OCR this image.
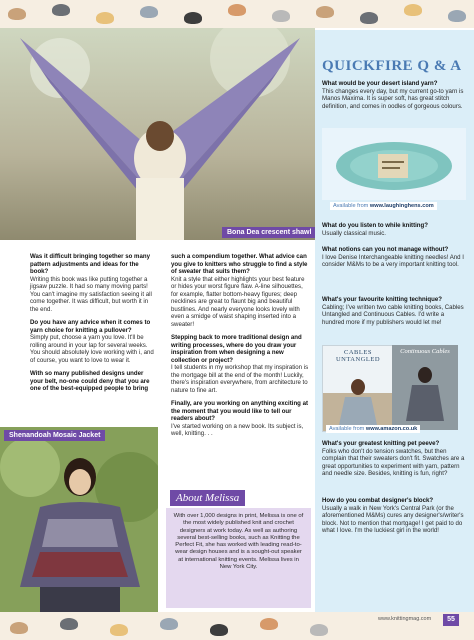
Bona Dea crescent shawl

Was it difficult bringing together so many pattern adjustments and ideas for the book?
Writing this book was like putting together a jigsaw puzzle. It had so many moving parts! You can't imagine my satisfaction seeing it all come together. It was difficult, but worth it in the end.

Do you have any advice when it comes to yarn choice for knitting a pullover?
Simply put, choose a yarn you love. It'll be rolling around in your lap for several weeks. You should absolutely love working with i, and of course, you want to love to wear it.

With so many published designs under your belt, no-one could deny that you are one of the best-equipped people to bring

such a compendium together. What advice can you give to knitters who struggle to find a style of sweater that suits them?
Knit a style that either highlights your best feature or hides your worst figure flaw. A-line silhouettes, for example, flatter bottom-heavy figures; deep necklines are great to flaunt big and beautiful bustlines. And nearly everyone looks lovely with even a smidge of waist shaping inserted into a sweater!

Stepping back to more traditional design and writing processes, where do you draw your inspiration from when designing a new collection or project?
I tell students in my workshop that my inspiration is the mortgage bill at the end of the month! Luckily, there's inspiration everywhere, from architecture to nature to fine art.

Finally, are you working on anything exciting at the moment that you would like to tell our readers about?
I've started working on a new book. Its subject is, well, knitting. . .

Shenandoah Mosaic Jacket
About Melissa
With over 1,000 designs in print, Melissa is one of the most widely published knit and crochet designers at work today. As well as authoring several best-selling books, such as Knitting the Perfect Fit, she has worked with leading read-to-wear design houses and is a sought-out speaker at international knitting events. Melissa lives in New York City.
QUICKFIRE Q & A
What would be your desert island yarn?
This changes every day, but my current go-to yarn is Manos Maxima. It is super soft, has great stitch definition, and comes in oodles of gorgeous colours.
Available from www.laughinghens.com
What do you listen to while knitting?
Usually classical music.
What notions can you not manage without?
I love Denise Interchangeable knitting needles! And I consider M&Ms to be a very important knitting tool.
What's your favourite knitting technique?
Cabling; I've written two cable knitting books, Cables Untangled and Continuous Cables. I'd write a hundred more if my publishers would let me!
CABLES UNTANGLED
Continuous Cables
Available from www.amazon.co.uk
What's your greatest knitting pet peeve?
Folks who don't do tension swatches, but then complain that their sweaters don't fit. Swatches are a great opportunities to experiment with yarn, pattern and needle size. Besides, knitting is fun, right?
How do you combat designer's block?
Usually a walk in New York's Central Park (or the aforementioned M&Ms) cures any designer's/writer's block. Not to mention that mortgage! I get paid to do what I love. I'm the luckiest girl in the world!
www.knittingmag.com	55
